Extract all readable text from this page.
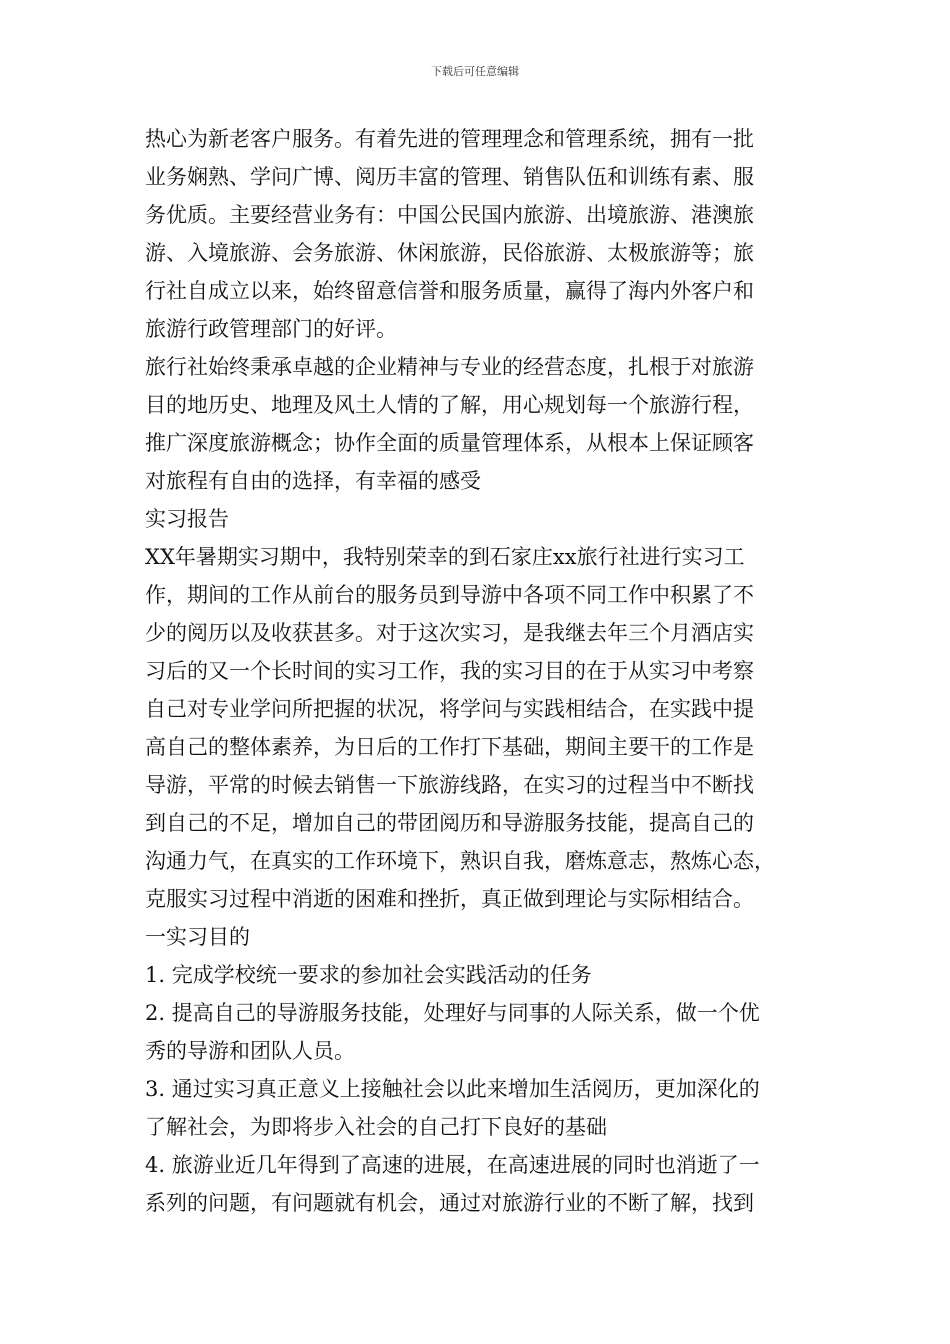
下载后可任意编辑
热心为新老客户服务。有着先进的管理理念和管理系统，拥有一批
业务娴熟、学问广博、阅历丰富的管理、销售队伍和训练有素、服
务优质。主要经营业务有：中国公民国内旅游、出境旅游、港澳旅
游、入境旅游、会务旅游、休闲旅游，民俗旅游、太极旅游等；旅
行社自成立以来，始终留意信誉和服务质量，赢得了海内外客户和
旅游行政管理部门的好评。
旅行社始终秉承卓越的企业精神与专业的经营态度，扎根于对旅游
目的地历史、地理及风土人情的了解，用心规划每一个旅游行程，
推广深度旅游概念；协作全面的质量管理体系，从根本上保证顾客
对旅程有自由的选择，有幸福的感受
实习报告
XX年暑期实习期中，我特别荣幸的到石家庄xx旅行社进行实习工
作，期间的工作从前台的服务员到导游中各项不同工作中积累了不
少的阅历以及收获甚多。对于这次实习，是我继去年三个月酒店实
习后的又一个长时间的实习工作，我的实习目的在于从实习中考察
自己对专业学问所把握的状况，将学问与实践相结合，在实践中提
高自己的整体素养，为日后的工作打下基础，期间主要干的工作是
导游，平常的时候去销售一下旅游线路，在实习的过程当中不断找
到自己的不足，增加自己的带团阅历和导游服务技能，提高自己的
沟通力气，在真实的工作环境下，熟识自我，磨炼意志，熬炼心态，
克服实习过程中消逝的困难和挫折，真正做到理论与实际相结合。
一实习目的
1. 完成学校统一要求的参加社会实践活动的任务
2. 提高自己的导游服务技能，处理好与同事的人际关系，做一个优
秀的导游和团队人员。
3. 通过实习真正意义上接触社会以此来增加生活阅历，更加深化的
了解社会，为即将步入社会的自己打下良好的基础
4. 旅游业近几年得到了高速的进展，在高速进展的同时也消逝了一
系列的问题，有问题就有机会，通过对旅游行业的不断了解，找到
